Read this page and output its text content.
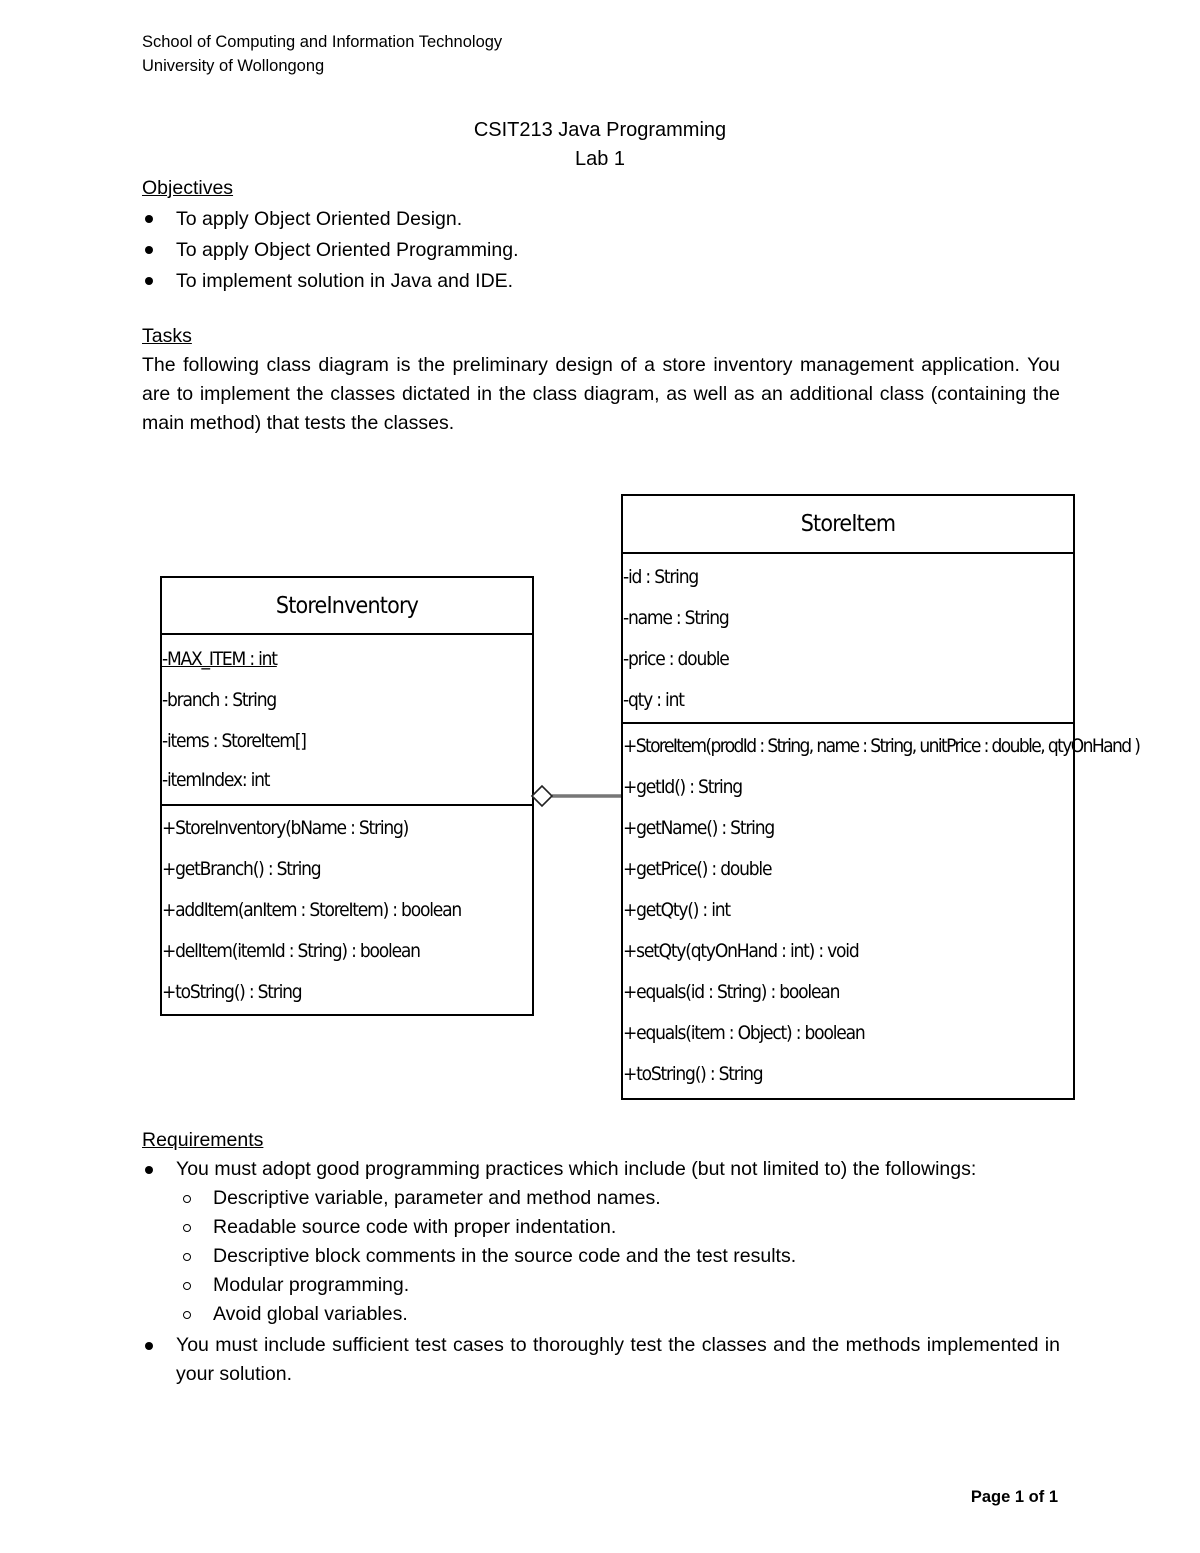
School of Computing and Information Technology
University of Wollongong
CSIT213 Java Programming
Lab 1
Objectives
To apply Object Oriented Design.
To apply Object Oriented Programming.
To implement solution in Java and IDE.
Tasks
The following class diagram is the preliminary design of a store inventory management application. You are to implement the classes dictated in the class diagram, as well as an additional class (containing the main method) that tests the classes.
StoreInventory
-MAX_ITEM : int
-branch : String
-items : StoreItem[]
-itemIndex: int
+StoreInventory(bName : String)
+getBranch() : String
+addItem(anItem : StoreItem) : boolean
+delItem(itemId : String) : boolean
+toString() : String
StoreItem
-id : String
-name : String
-price : double
-qty : int
+StoreItem(prodId : String, name : String, unitPrice : double, qtyOnHand )
+getId() : String
+getName() : String
+getPrice() : double
+getQty() : int
+setQty(qtyOnHand : int) : void
+equals(id : String) : boolean
+equals(item : Object) : boolean
+toString() : String
Requirements
You must adopt good programming practices which include (but not limited to) the followings:
Descriptive variable, parameter and method names.
Readable source code with proper indentation.
Descriptive block comments in the source code and the test results.
Modular programming.
Avoid global variables.
You must include sufficient test cases to thoroughly test the classes and the methods implemented in your solution.
Page 1 of 1
